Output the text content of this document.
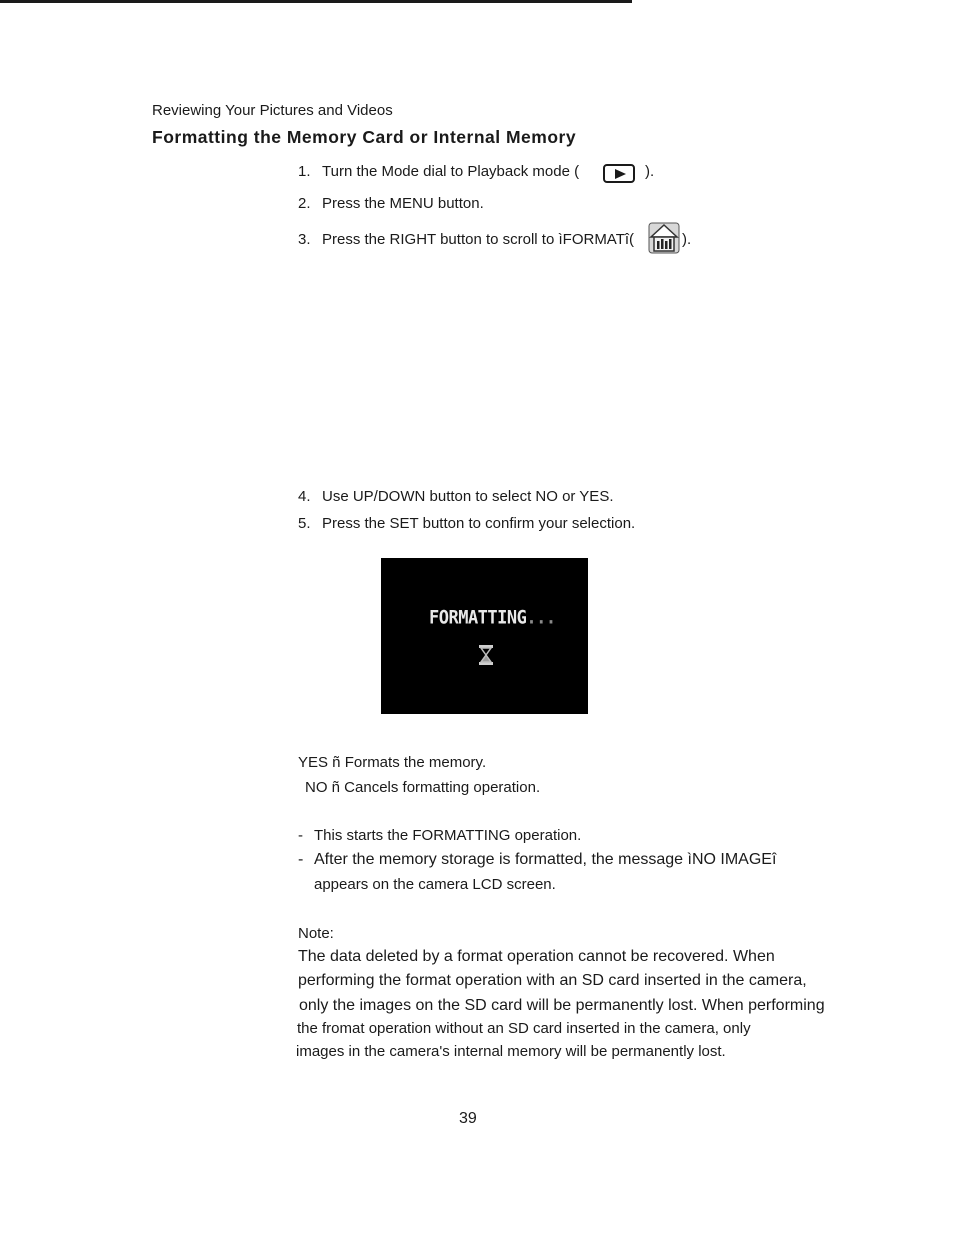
Reviewing Your Pictures and Videos
Formatting the Memory Card or Internal Memory
1. Turn the Mode dial to Playback mode (	).
2. Press the MENU button.
3. Press the RIGHT button to scroll to ìFORMATî(	).
4. Use UP/DOWN button to select NO or YES.
5. Press the SET button to confirm your selection.
FORMATTING...
YES ñ Formats the memory.
NO ñ Cancels formatting operation.
- This starts the FORMATTING operation.
- After the memory storage is formatted, the message ìNO IMAGEî
appears on the camera LCD screen.
Note:
The data deleted by a format operation cannot be recovered. When
performing the format operation with an SD card inserted in the camera,
only the images on the SD card will be permanently lost. When performing
the fromat operation without an SD card inserted in the camera, only
images in the camera's internal memory will be permanently lost.
39
